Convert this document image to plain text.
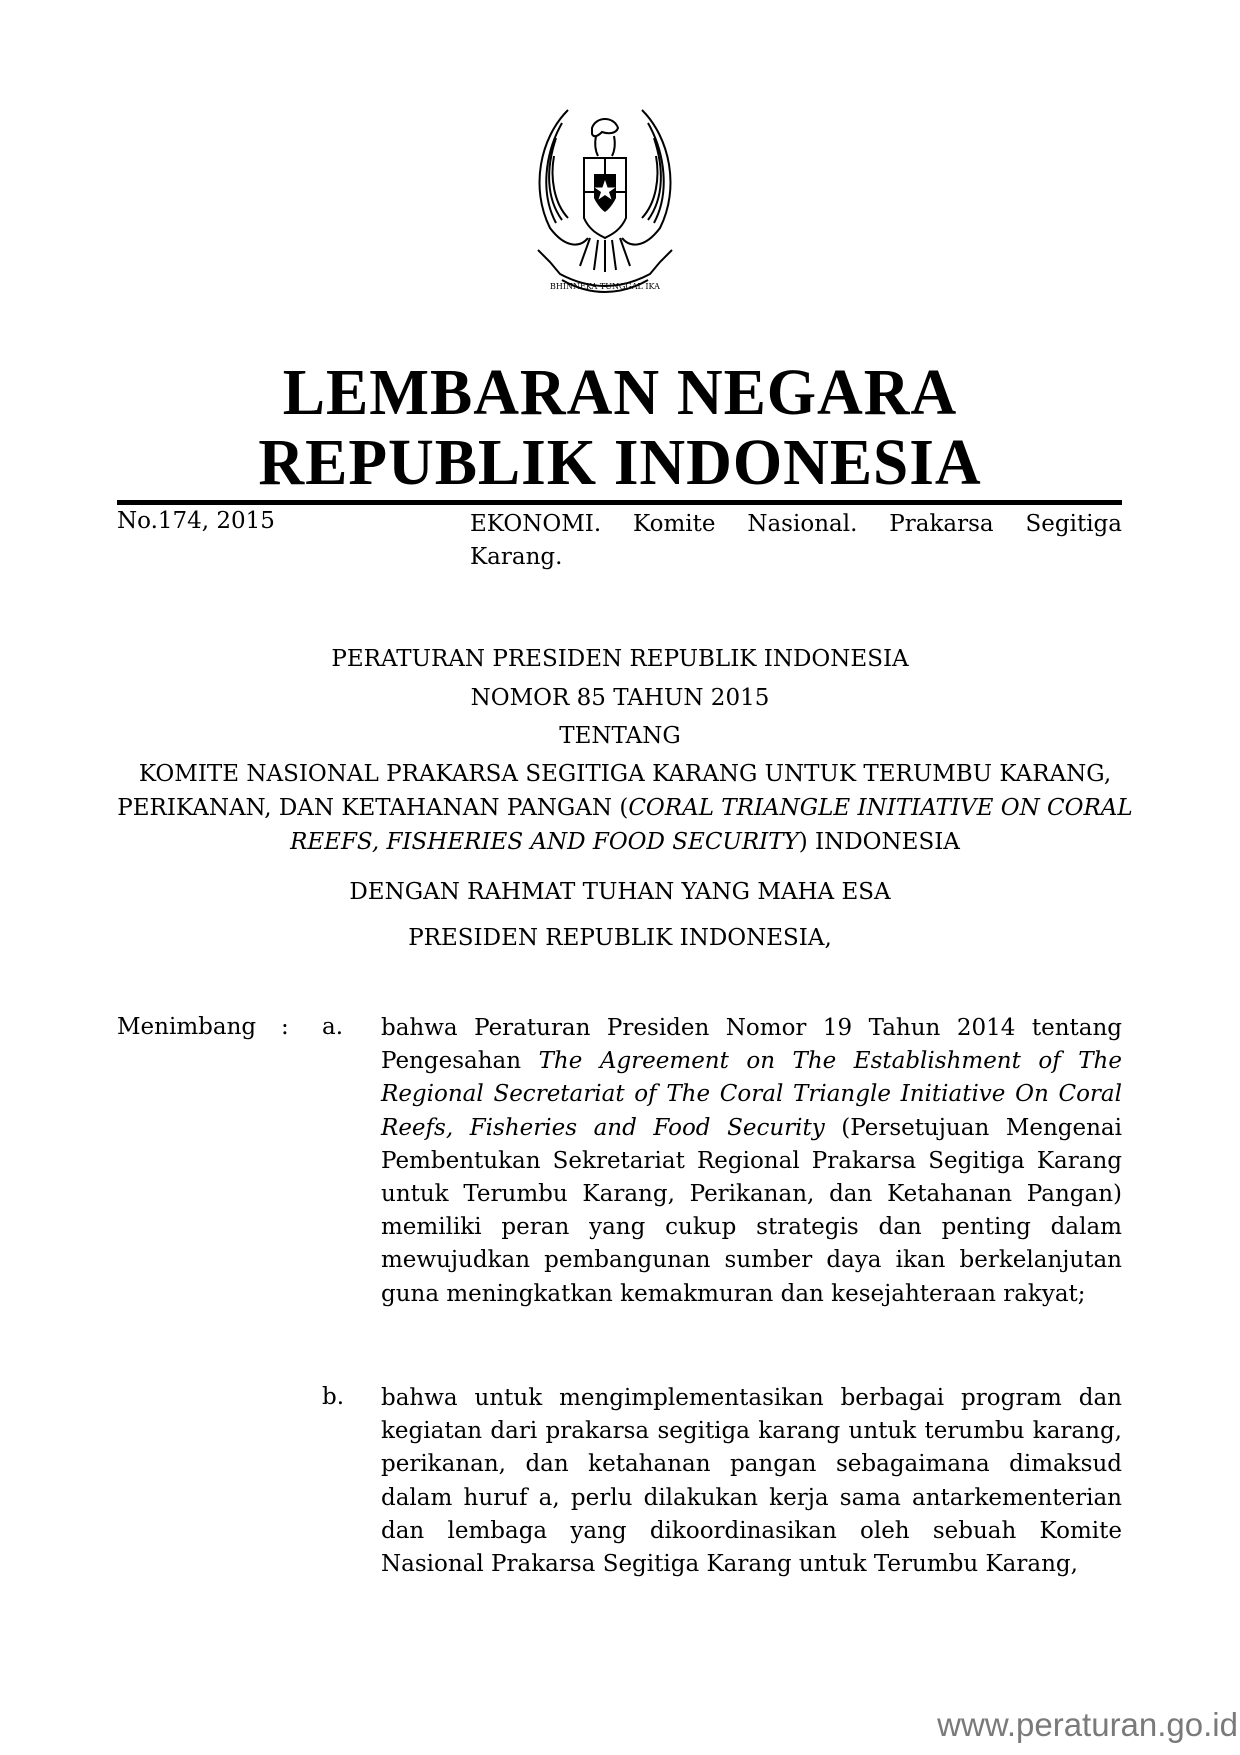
BHINNEKA TUNGGAL IKA
LEMBARAN NEGARA
REPUBLIK INDONESIA
No.174, 2015	EKONOMI. Komite Nasional. Prakarsa Segitiga Karang.
PERATURAN PRESIDEN REPUBLIK INDONESIA
NOMOR 85 TAHUN 2015
TENTANG
KOMITE NASIONAL PRAKARSA SEGITIGA KARANG UNTUK TERUMBU KARANG, PERIKANAN, DAN KETAHANAN PANGAN (CORAL TRIANGLE INITIATIVE ON CORAL REEFS, FISHERIES AND FOOD SECURITY) INDONESIA
DENGAN RAHMAT TUHAN YANG MAHA ESA
PRESIDEN REPUBLIK INDONESIA,
Menimbang : a. bahwa Peraturan Presiden Nomor 19 Tahun 2014 tentang Pengesahan The Agreement on The Establishment of The Regional Secretariat of The Coral Triangle Initiative On Coral Reefs, Fisheries and Food Security (Persetujuan Mengenai Pembentukan Sekretariat Regional Prakarsa Segitiga Karang untuk Terumbu Karang, Perikanan, dan Ketahanan Pangan) memiliki peran yang cukup strategis dan penting dalam mewujudkan pembangunan sumber daya ikan berkelanjutan guna meningkatkan kemakmuran dan kesejahteraan rakyat;
b. bahwa untuk mengimplementasikan berbagai program dan kegiatan dari prakarsa segitiga karang untuk terumbu karang, perikanan, dan ketahanan pangan sebagaimana dimaksud dalam huruf a, perlu dilakukan kerja sama antarkementerian dan lembaga yang dikoordinasikan oleh sebuah Komite Nasional Prakarsa Segitiga Karang untuk Terumbu Karang,
www.peraturan.go.id
